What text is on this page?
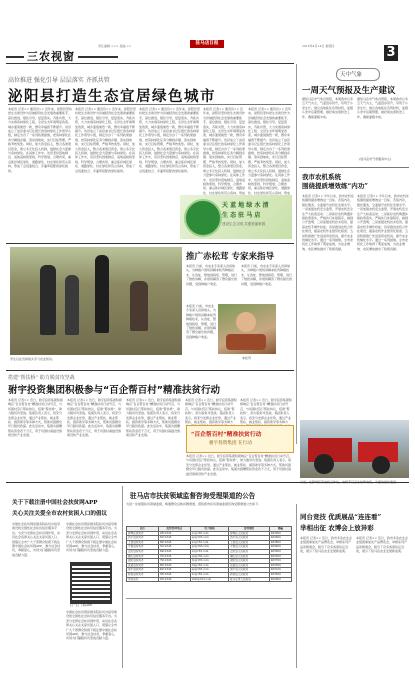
三农视窗
责任编辑 ××× 美编 ××	驻马店日报	2016年4月14日 星期四	3
高位推进 强化引导 层层落实 齐抓共管
泌阳县打造生态宜居绿色城市
本报讯 记者×× 通讯员×× 近年来，泌阳县坚持把生态建设作为县域经济社会发展的重要抓手，高位推进，强化引导，层层落实，齐抓共管，大力实施造林绿化工程，全县生态环境明显改善，城乡面貌焕然一新，群众幸福感不断提升。该县成立了由县委书记任组长的造林绿化工作领导小组，制定出台了一系列政策措施，把造林绿化任务分解到乡镇、落实到地块，实行目标管理，严格考核奖惩。同时，加大资金投入，整合各类项目资金，建立多元化投入机制，鼓励社会力量参与造林绿化。在具体工作中，该县坚持因地制宜、适地适树的原则，科学规划，合理布局，重点抓好城区绿化、道路绿化、村庄绿化和荒山造林，形成了点线面结合、乔灌草搭配的绿化格局。
本报讯 记者×× 通讯员×× 近年来，泌阳县坚持把生态建设作为县域经济社会发展的重要抓手，高位推进，强化引导，层层落实，齐抓共管，大力实施造林绿化工程，全县生态环境明显改善，城乡面貌焕然一新，群众幸福感不断提升。该县成立了由县委书记任组长的造林绿化工作领导小组，制定出台了一系列政策措施，把造林绿化任务分解到乡镇、落实到地块，实行目标管理，严格考核奖惩。同时，加大资金投入，整合各类项目资金，建立多元化投入机制，鼓励社会力量参与造林绿化。在具体工作中，该县坚持因地制宜、适地适树的原则，科学规划，合理布局，重点抓好城区绿化、道路绿化、村庄绿化和荒山造林，形成了点线面结合、乔灌草搭配的绿化格局。
本报讯 记者×× 通讯员×× 近年来，泌阳县坚持把生态建设作为县域经济社会发展的重要抓手，高位推进，强化引导，层层落实，齐抓共管，大力实施造林绿化工程，全县生态环境明显改善，城乡面貌焕然一新，群众幸福感不断提升。该县成立了由县委书记任组长的造林绿化工作领导小组，制定出台了一系列政策措施，把造林绿化任务分解到乡镇、落实到地块，实行目标管理，严格考核奖惩。同时，加大资金投入，整合各类项目资金，建立多元化投入机制，鼓励社会力量参与造林绿化。在具体工作中，该县坚持因地制宜、适地适树的原则，科学规划，合理布局，重点抓好城区绿化、道路绿化、村庄绿化和荒山造林，形成了点线面结合、乔灌草搭配的绿化格局。
本报讯 记者×× 通讯员×× 近年来，泌阳县坚持把生态建设作为县域经济社会发展的重要抓手，高位推进，强化引导，层层落实，齐抓共管，大力实施造林绿化工程，全县生态环境明显改善，城乡面貌焕然一新，群众幸福感不断提升。该县成立了由县委书记任组长的造林绿化工作领导小组，制定出台了一系列政策措施，把造林绿化任务分解到乡镇、落实到地块，实行目标管理，严格考核奖惩。同时，加大资金投入，整合各类项目资金，建立多元化投入机制，鼓励社会力量参与造林绿化。在具体工作中，该县坚持因地制宜、适地适树的原则，科学规划，合理布局，重点抓好城区绿化、道路绿化、村庄绿化和荒山造林，形成
本报讯 记者×× 通讯员×× 近年来，泌阳县坚持把生态建设作为县域经济社会发展的重要抓手，高位推进，强化引导，层层落实，齐抓共管，大力实施造林绿化工程，全县生态环境明显改善，城乡面貌焕然一新，群众幸福感不断提升。该县成立了由县委书记任组长的造林绿化工作领导小组，制定出台了一系列政策措施，把造林绿化任务分解到乡镇、落实到地块，实行目标管理，严格考核奖惩。同时，加大资金投入，整合各类项目资金，建立多元化投入机制，鼓励社会力量参与造林绿化。在具体工作中，该县坚持因地制宜、适地适树的原则，科学规划，合理布局，重点抓好城区绿化、道路绿化、村庄绿化和荒山造林，形成
天 蓝 地 绿 水 清
生 态 驻 马 店
建设生态文明 共建美丽家园
天中气象
一周天气预报及生产建议
据驻马店市气象台预报，本周我市以多云天气为主，气温逐步回升，有利于小麦生长。建议各地抓住有利时机，加强小麦中后期管理，做好病虫害防治工作，确保夏粮丰收。
据驻马店市气象台预报，本周我市以多云天气为主，气温逐步回升，有利于小麦生长。建议各地抓住有利时机，加强小麦中后期管理，做好病虫害防治工作，确保夏粮丰收。
(驻马店市气象服务中心)
我市农机系统
围绕提质增效练“内功”
本报讯 记者×× 今年以来，我市农机系统围绕提质增效这一目标，苦练内功，强化服务，全面提升农机化发展水平。一是加强农机安全监管，开展农机安全生产大检查活动；二是抓好农机购置补贴政策落实，严格执行补贴程序，做到公开透明；三是加强农机技术培训，提高农机手操作技能；四是推进农机合作社建设，提高农机作业组织化程度；五是积极推广先进适用农机具，提升农业机械化水平。通过一系列措施，全市农机化工作取得了明显成效，为农业增效、农民增收做出了积极贡献。
本报讯 记者×× 今年以来，我市农机系统围绕提质增效这一目标，苦练内功，强化服务，全面提升农机化发展水平。一是加强农机安全监管，开展农机安全生产大检查活动；二是抓好农机购置补贴政策落实，严格执行补贴程序，做到公开透明；三是加强农机技术培训，提高农机手操作技能；四是推进农机合作社建设，提高农机作业组织化程度；五是积极推广先进适用农机具，提升农业机械化水平。通过一系列措施，全市农机化工作取得了明显成效，为农业增效、农民增收做出了积极贡献。
学生们在田间地头学习农业知识。
推广赤松茸 专家来指导
本报讯 日前，市农业专家深入田间地头，为种植户现场讲解赤松茸种植技术，从选址、整地到栽培、管理，进行了细致讲解，并现场解答了群众提出的问题，受到种植户欢迎。
本报讯 日前，市农业专家深入田间地头，为种植户现场讲解赤松茸种植技术，从选址、整地到栽培、管理，进行了细致讲解，并现场解答了群众提出的问题，受到种植户欢迎。
本报讯 日前，市农业专家深入田间地头，为种植户现场讲解赤松茸种植技术，从选址、整地到栽培、管理，进行了细致讲解，并现场解答了群众提出的问题，受到种植户欢迎。
赤松茸
搭建“帮扶桥” 助力脱贫攻坚战
驸宇投资集团积极参与“百企帮百村”精准扶贫行动
本报讯 记者×× 近日，驸宇投资集团积极响应“百企帮百村”精准扶贫行动号召，与贫困村签订帮扶协议，搭建“帮扶桥”，助力脱贫攻坚战。集团负责人表示，将充分发挥企业优势，通过产业帮扶、就业帮扶、捐资助学等多种方式，帮助贫困群众早日脱贫致富。此次活动中，集团共捐赠帮扶资金若干万元，用于贫困村基础设施建设和产业发展。
本报讯 记者×× 近日，驸宇投资集团积极响应“百企帮百村”精准扶贫行动号召，与贫困村签订帮扶协议，搭建“帮扶桥”，助力脱贫攻坚战。集团负责人表示，将充分发挥企业优势，通过产业帮扶、就业帮扶、捐资助学等多种方式，帮助贫困群众早日脱贫致富。此次活动中，集团共捐赠帮扶资金若干万元，用于贫困村基础设施建设和产业发展。
本报讯 记者×× 近日，驸宇投资集团积极响应“百企帮百村”精准扶贫行动号召，与贫困村签订帮扶协议，搭建“帮扶桥”，助力脱贫攻坚战。集团负责人表示，将充分发挥企业优势，通过产业帮扶、就业帮扶、捐资助学等多种方式，帮助贫困群众早日脱贫致富。此次活动中，集团共捐赠帮扶资金若干万元，用于贫困村基础设施建设和产业发展。
本报讯 记者×× 近日，驸宇投资集团积极响应“百企帮百村”精准扶贫行动号召，与贫困村签订帮扶协议，搭建“帮扶桥”，助力脱贫攻坚战。集团负责人表示，将充分发挥企业优势，通过产业帮扶、就业帮扶、捐资助学等多种方
本报讯 记者×× 近日，驸宇投资集团积极响应“百企帮百村”精准扶贫行动号召，与贫困村签订帮扶协议，搭建“帮扶桥”，助力脱贫攻坚战。集团负责人表示，将充分发挥企业优势，通过产业帮扶、就业帮扶、捐资助学等多种方
“百企帮百村”精准扶贫行动
驸宇投资集团 在行动
本报讯 记者×× 近日，驸宇投资集团积极响应“百企帮百村”精准扶贫行动号召，与贫困村签订帮扶协议，搭建“帮扶桥”，助力脱贫攻坚战。集团负责人表示，将充分发挥企业优势，通过产业帮扶、就业帮扶、捐资助学等多种方式，帮助贫困群众早日脱贫致富。此次活动中，集团共捐赠帮扶资金若干万元，用于贫困村基础设施建设和产业发展。
关于下载注册中国社会扶贫网APP
关心关注关爱全市农村贫困人口的倡议
中国社会扶贫网是国务院扶贫办指导建设的全国性社会扶贫信息服务平台。为充分发挥社会扶贫网作用，动员社会各界关心关注关爱贫困人口，现倡议全市广大干部群众积极下载注册中国社会扶贫网APP，参与社会扶贫，奉献爱心，共同为打赢脱贫攻坚战贡献力量。
中国社会扶贫网是国务院扶贫办指导建设的全国性社会扶贫信息服务平台。为充分发挥社会扶贫网作用，动员社会各界关心关注关爱贫困人口，现倡议全市广大干部群众积极下载注册中国社会扶贫网APP，参与社会扶贫，奉献爱心，共同为打赢脱贫攻坚战贡献力量。
扫一扫 下载APP
中国社会扶贫网是国务院扶贫办指导建设的全国性社会扶贫信息服务平台。为充分发挥社会扶贫网作用，动员社会各界关心关注关爱贫困人口，现倡议全市广大干部群众积极下载注册中国社会扶贫网APP，参与社会扶贫，奉献爱心，共同为打赢脱贫攻坚战贡献力量。
驻马店市扶贫领域监督咨询受理渠道的公告
为进一步加强扶贫领域监督，畅通群众反映问题渠道，现将我市扶贫领域监督咨询受理渠道公告如下：
县区	监督咨询电话	电子邮箱	受理地址	邮编
驿城区扶贫办	2812345	yc@163.com	驿城区人民政府	463000
西平县扶贫办	6212345	xp@163.com	西平县人民政府	463900
上蔡县扶贫办	6912345	sc@163.com	上蔡县人民政府	463800
平舆县扶贫办	5012345	py@163.com	平舆县人民政府	463400
正阳县扶贫办	8412345	zy@163.com	正阳县人民政府	463600
确山县扶贫办	7012345	qs@163.com	确山县人民政府	463200
泌阳县扶贫办	7912345	by@163.com	泌阳县人民政府	463700
汝南县扶贫办	8012345	rn@163.com	汝南县人民政府	463300
遂平县扶贫办	4912345	sp@163.com	遂平县人民政府	463100
新蔡县扶贫办	5812345	xc@163.com	新蔡县人民政府	463500
市扶贫办	2612345	zmd@163.com	驻马店市人民政府	463000
同台竞技 优质展品“连连看”
芈相出征 农博会上放异彩
本报讯 记者×× 近日，我市多家农业企业组团参加农产品博览会，芈相系列产品亮相展会，吸引了众多客商驻足洽谈，展示了驻马店农业发展新成果。
本报讯 记者×× 近日，我市多家农业企业组团参加农产品博览会，芈相系列产品亮相展会，吸引了众多客商驻足洽谈，展示了驻马店农业发展新成果。
